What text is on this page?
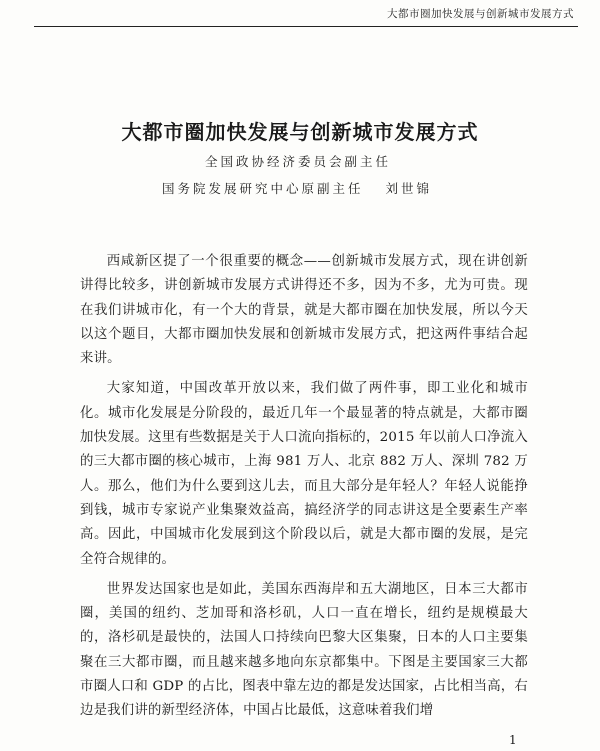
大都市圈加快发展与创新城市发展方式
大都市圈加快发展与创新城市发展方式
全国政协经济委员会副主任
国务院发展研究中心原副主任 刘世锦

西咸新区提了一个很重要的概念——创新城市发展方式，现在讲创新讲得比较多，讲创新城市发展方式讲得还不多，因为不多，尤为可贵。现在我们讲城市化，有一个大的背景，就是大都市圈在加快发展，所以今天以这个题目，大都市圈加快发展和创新城市发展方式，把这两件事结合起来讲。

大家知道，中国改革开放以来，我们做了两件事，即工业化和城市化。城市化发展是分阶段的，最近几年一个最显著的特点就是，大都市圈加快发展。这里有些数据是关于人口流向指标的，2015 年以前人口净流入的三大都市圈的核心城市，上海 981 万人、北京 882 万人、深圳 782 万人。那么，他们为什么要到这儿去，而且大部分是年轻人？年轻人说能挣到钱，城市专家说产业集聚效益高，搞经济学的同志讲这是全要素生产率高。因此，中国城市化发展到这个阶段以后，就是大都市圈的发展，是完全符合规律的。

世界发达国家也是如此，美国东西海岸和五大湖地区，日本三大都市圈，美国的纽约、芝加哥和洛杉矶，人口一直在增长，纽约是规模最大的，洛杉矶是最快的，法国人口持续向巴黎大区集聚，日本的人口主要集聚在三大都市圈，而且越来越多地向东京都集中。下图是主要国家三大都市圈人口和 GDP 的占比，图表中靠左边的都是发达国家，占比相当高，右边是我们讲的新型经济体，中国占比最低，这意味着我们增

1
